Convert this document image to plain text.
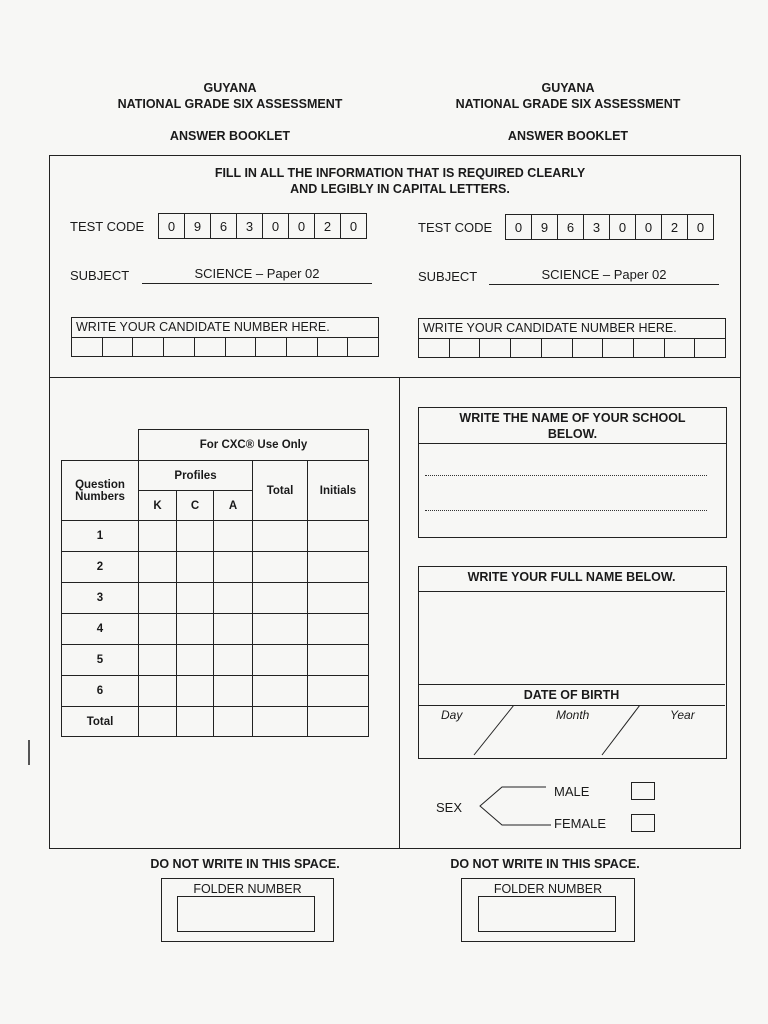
GUYANA
NATIONAL GRADE SIX ASSESSMENT
ANSWER BOOKLET
GUYANA
NATIONAL GRADE SIX ASSESSMENT
ANSWER BOOKLET
FILL IN ALL THE INFORMATION THAT IS REQUIRED CLEARLY
AND LEGIBLY IN CAPITAL LETTERS.
TEST CODE	0	9	6	3	0	0	2	0	TEST CODE	0	9	6	3	0	0	2	0
SUBJECT	SCIENCE – Paper 02	SUBJECT	SCIENCE – Paper 02
WRITE YOUR CANDIDATE NUMBER HERE.	WRITE YOUR CANDIDATE NUMBER HERE.
	For CXC® Use Only				
Question Numbers	Profiles			Total	Initials
	K	C	A		
1					
2					
3					
4					
5					
6					
Total					
WRITE THE NAME OF YOUR SCHOOL BELOW.
WRITE YOUR FULL NAME BELOW.
DATE OF BIRTH
Day	Month	Year
SEX
MALE
FEMALE
DO NOT WRITE IN THIS SPACE.
FOLDER NUMBER
DO NOT WRITE IN THIS SPACE.
FOLDER NUMBER
